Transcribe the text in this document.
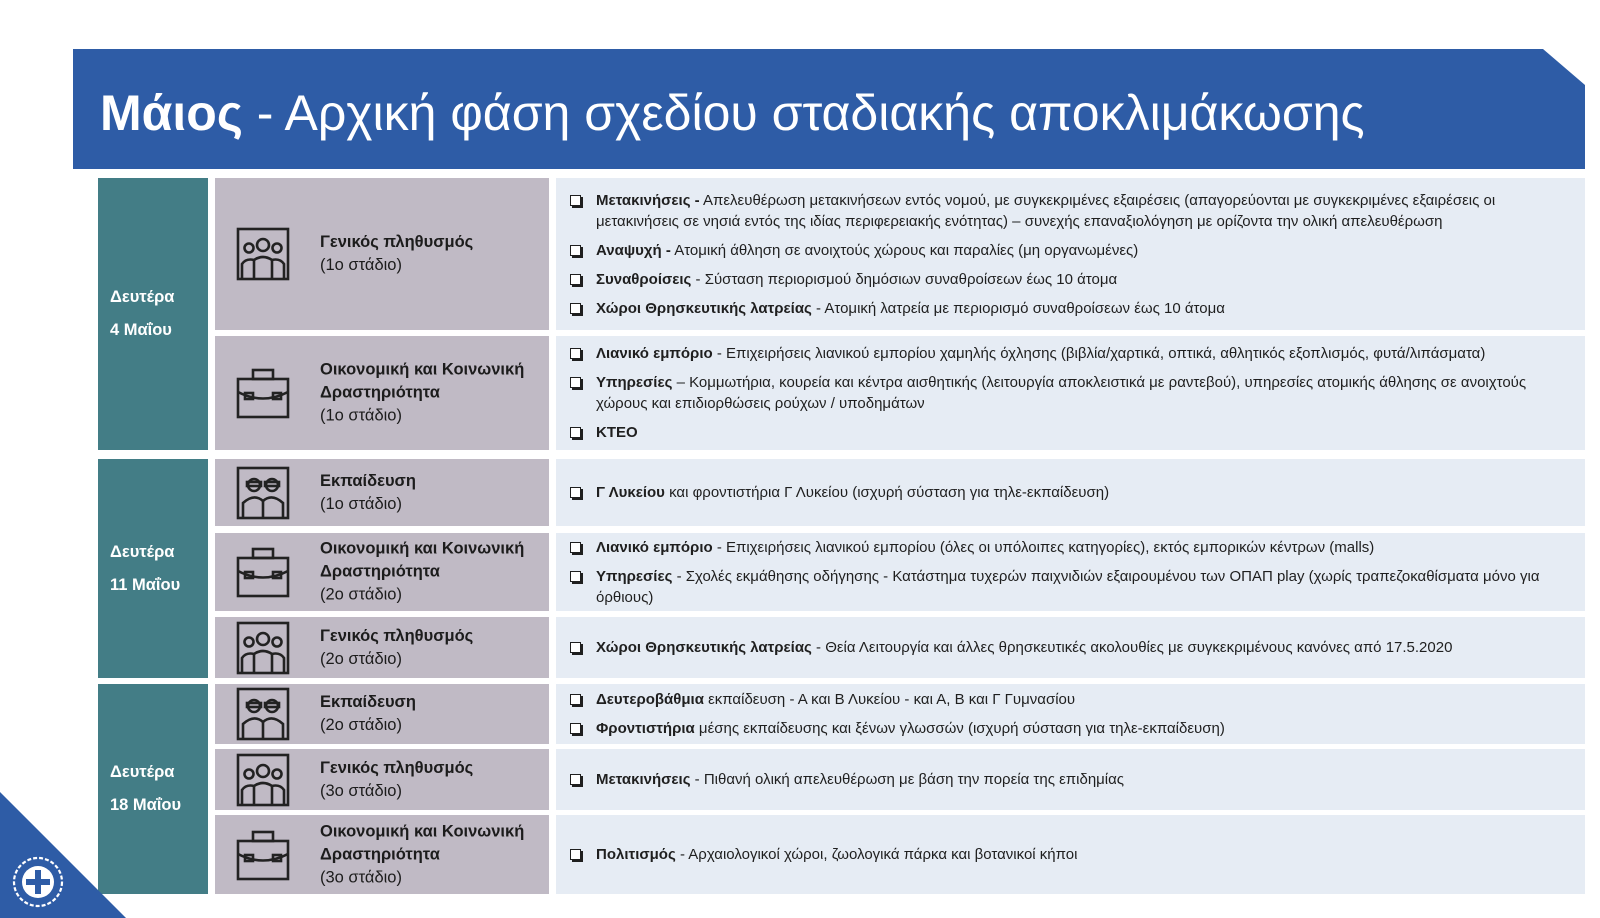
Μάιος - Αρχική φάση σχεδίου σταδιακής αποκλιμάκωσης
Δευτέρα
4 Μαΐου
Δευτέρα
11 Μαΐου
Δευτέρα
18 Μαΐου
Γενικός πληθυσμός
(1ο στάδιο)
Μετακινήσεις - Απελευθέρωση μετακινήσεων εντός νομού, με συγκεκριμένες εξαιρέσεις (απαγορεύονται με συγκεκριμένες εξαιρέσεις οι μετακινήσεις σε νησιά εντός της ιδίας περιφερειακής ενότητας) – συνεχής επαναξιολόγηση με ορίζοντα την ολική απελευθέρωση
Αναψυχή - Ατομική άθληση σε ανοιχτούς χώρους και παραλίες (μη οργανωμένες)
Συναθροίσεις - Σύσταση περιορισμού δημόσιων συναθροίσεων έως 10 άτομα
Χώροι Θρησκευτικής λατρείας - Ατομική λατρεία με περιορισμό συναθροίσεων έως 10 άτομα
Οικονομική και Κοινωνική Δραστηριότητα
(1ο στάδιο)
Λιανικό εμπόριο - Επιχειρήσεις λιανικού εμπορίου χαμηλής όχλησης (βιβλία/χαρτικά, οπτικά, αθλητικός εξοπλισμός, φυτά/λιπάσματα)
Υπηρεσίες – Κομμωτήρια, κουρεία και κέντρα αισθητικής (λειτουργία αποκλειστικά με ραντεβού), υπηρεσίες ατομικής άθλησης σε ανοιχτούς χώρους και επιδιορθώσεις ρούχων / υποδημάτων
ΚΤΕΟ
Εκπαίδευση
(1ο στάδιο)
Γ Λυκείου και φροντιστήρια Γ Λυκείου (ισχυρή σύσταση για τηλε-εκπαίδευση)
Οικονομική και Κοινωνική Δραστηριότητα
(2ο στάδιο)
Λιανικό εμπόριο - Επιχειρήσεις λιανικού εμπορίου (όλες οι υπόλοιπες κατηγορίες), εκτός εμπορικών κέντρων (malls)
Υπηρεσίες - Σχολές εκμάθησης οδήγησης - Κατάστημα τυχερών παιχνιδιών εξαιρουμένου των ΟΠΑΠ play (χωρίς τραπεζοκαθίσματα μόνο για όρθιους)
Γενικός πληθυσμός
(2ο στάδιο)
Χώροι Θρησκευτικής λατρείας - Θεία Λειτουργία και άλλες θρησκευτικές ακολουθίες με συγκεκριμένους κανόνες από 17.5.2020
Εκπαίδευση
(2ο στάδιο)
Δευτεροβάθμια εκπαίδευση - Α και Β Λυκείου - και Α, Β και Γ Γυμνασίου
Φροντιστήρια μέσης εκπαίδευσης και ξένων γλωσσών (ισχυρή σύσταση για τηλε-εκπαίδευση)
Γενικός πληθυσμός
(3ο στάδιο)
Μετακινήσεις - Πιθανή ολική απελευθέρωση με βάση την πορεία της επιδημίας
Οικονομική και Κοινωνική Δραστηριότητα
(3ο στάδιο)
Πολιτισμός - Αρχαιολογικοί χώροι, ζωολογικά πάρκα και βοτανικοί κήποι
